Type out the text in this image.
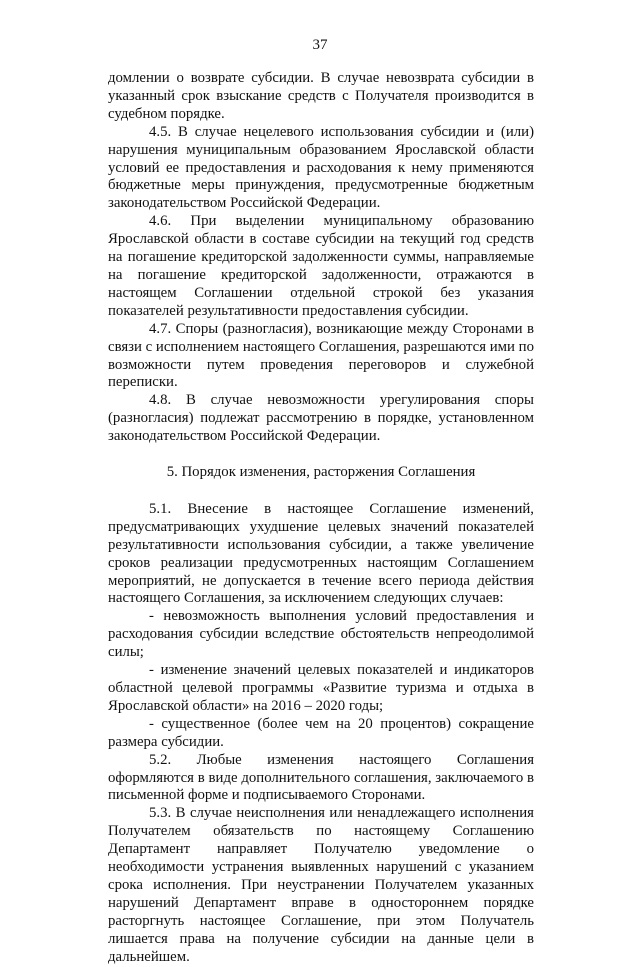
37

домлении о возврате субсидии. В случае невозврата субсидии в указанный срок взыскание средств с Получателя производится в судебном порядке.

4.5. В случае нецелевого использования субсидии и (или) нарушения муниципальным образованием Ярославской области условий ее предоставления и расходования к нему применяются бюджетные меры принуждения, предусмотренные бюджетным законодательством Российской Федерации.

4.6. При выделении муниципальному образованию Ярославской области в составе субсидии на текущий год средств на погашение кредиторской задолженности суммы, направляемые на погашение кредиторской задолженности, отражаются в настоящем Соглашении отдельной строкой без указания показателей результативности предоставления субсидии.

4.7. Споры (разногласия), возникающие между Сторонами в связи с исполнением настоящего Соглашения, разрешаются ими по возможности путем проведения переговоров и служебной переписки.

4.8. В случае невозможности урегулирования споры (разногласия) подлежат рассмотрению в порядке, установленном законодательством Российской Федерации.

5. Порядок изменения, расторжения Соглашения

5.1. Внесение в настоящее Соглашение изменений, предусматривающих ухудшение целевых значений показателей результативности использования субсидии, а также увеличение сроков реализации предусмотренных настоящим Соглашением мероприятий, не допускается в течение всего периода действия настоящего Соглашения, за исключением следующих случаев:

- невозможность выполнения условий предоставления и расходования субсидии вследствие обстоятельств непреодолимой силы;

- изменение значений целевых показателей и индикаторов областной целевой программы «Развитие туризма и отдыха в Ярославской области» на 2016 – 2020 годы;

- существенное (более чем на 20 процентов) сокращение размера субсидии.

5.2. Любые изменения настоящего Соглашения оформляются в виде дополнительного соглашения, заключаемого в письменной форме и подписываемого Сторонами.

5.3. В случае неисполнения или ненадлежащего исполнения Получателем обязательств по настоящему Соглашению Департамент направляет Получателю уведомление о необходимости устранения выявленных нарушений с указанием срока исполнения. При неустранении Получателем указанных нарушений Департамент вправе в одностороннем порядке расторгнуть настоящее Соглашение, при этом Получатель лишается права на получение субсидии на данные цели в дальнейшем.
